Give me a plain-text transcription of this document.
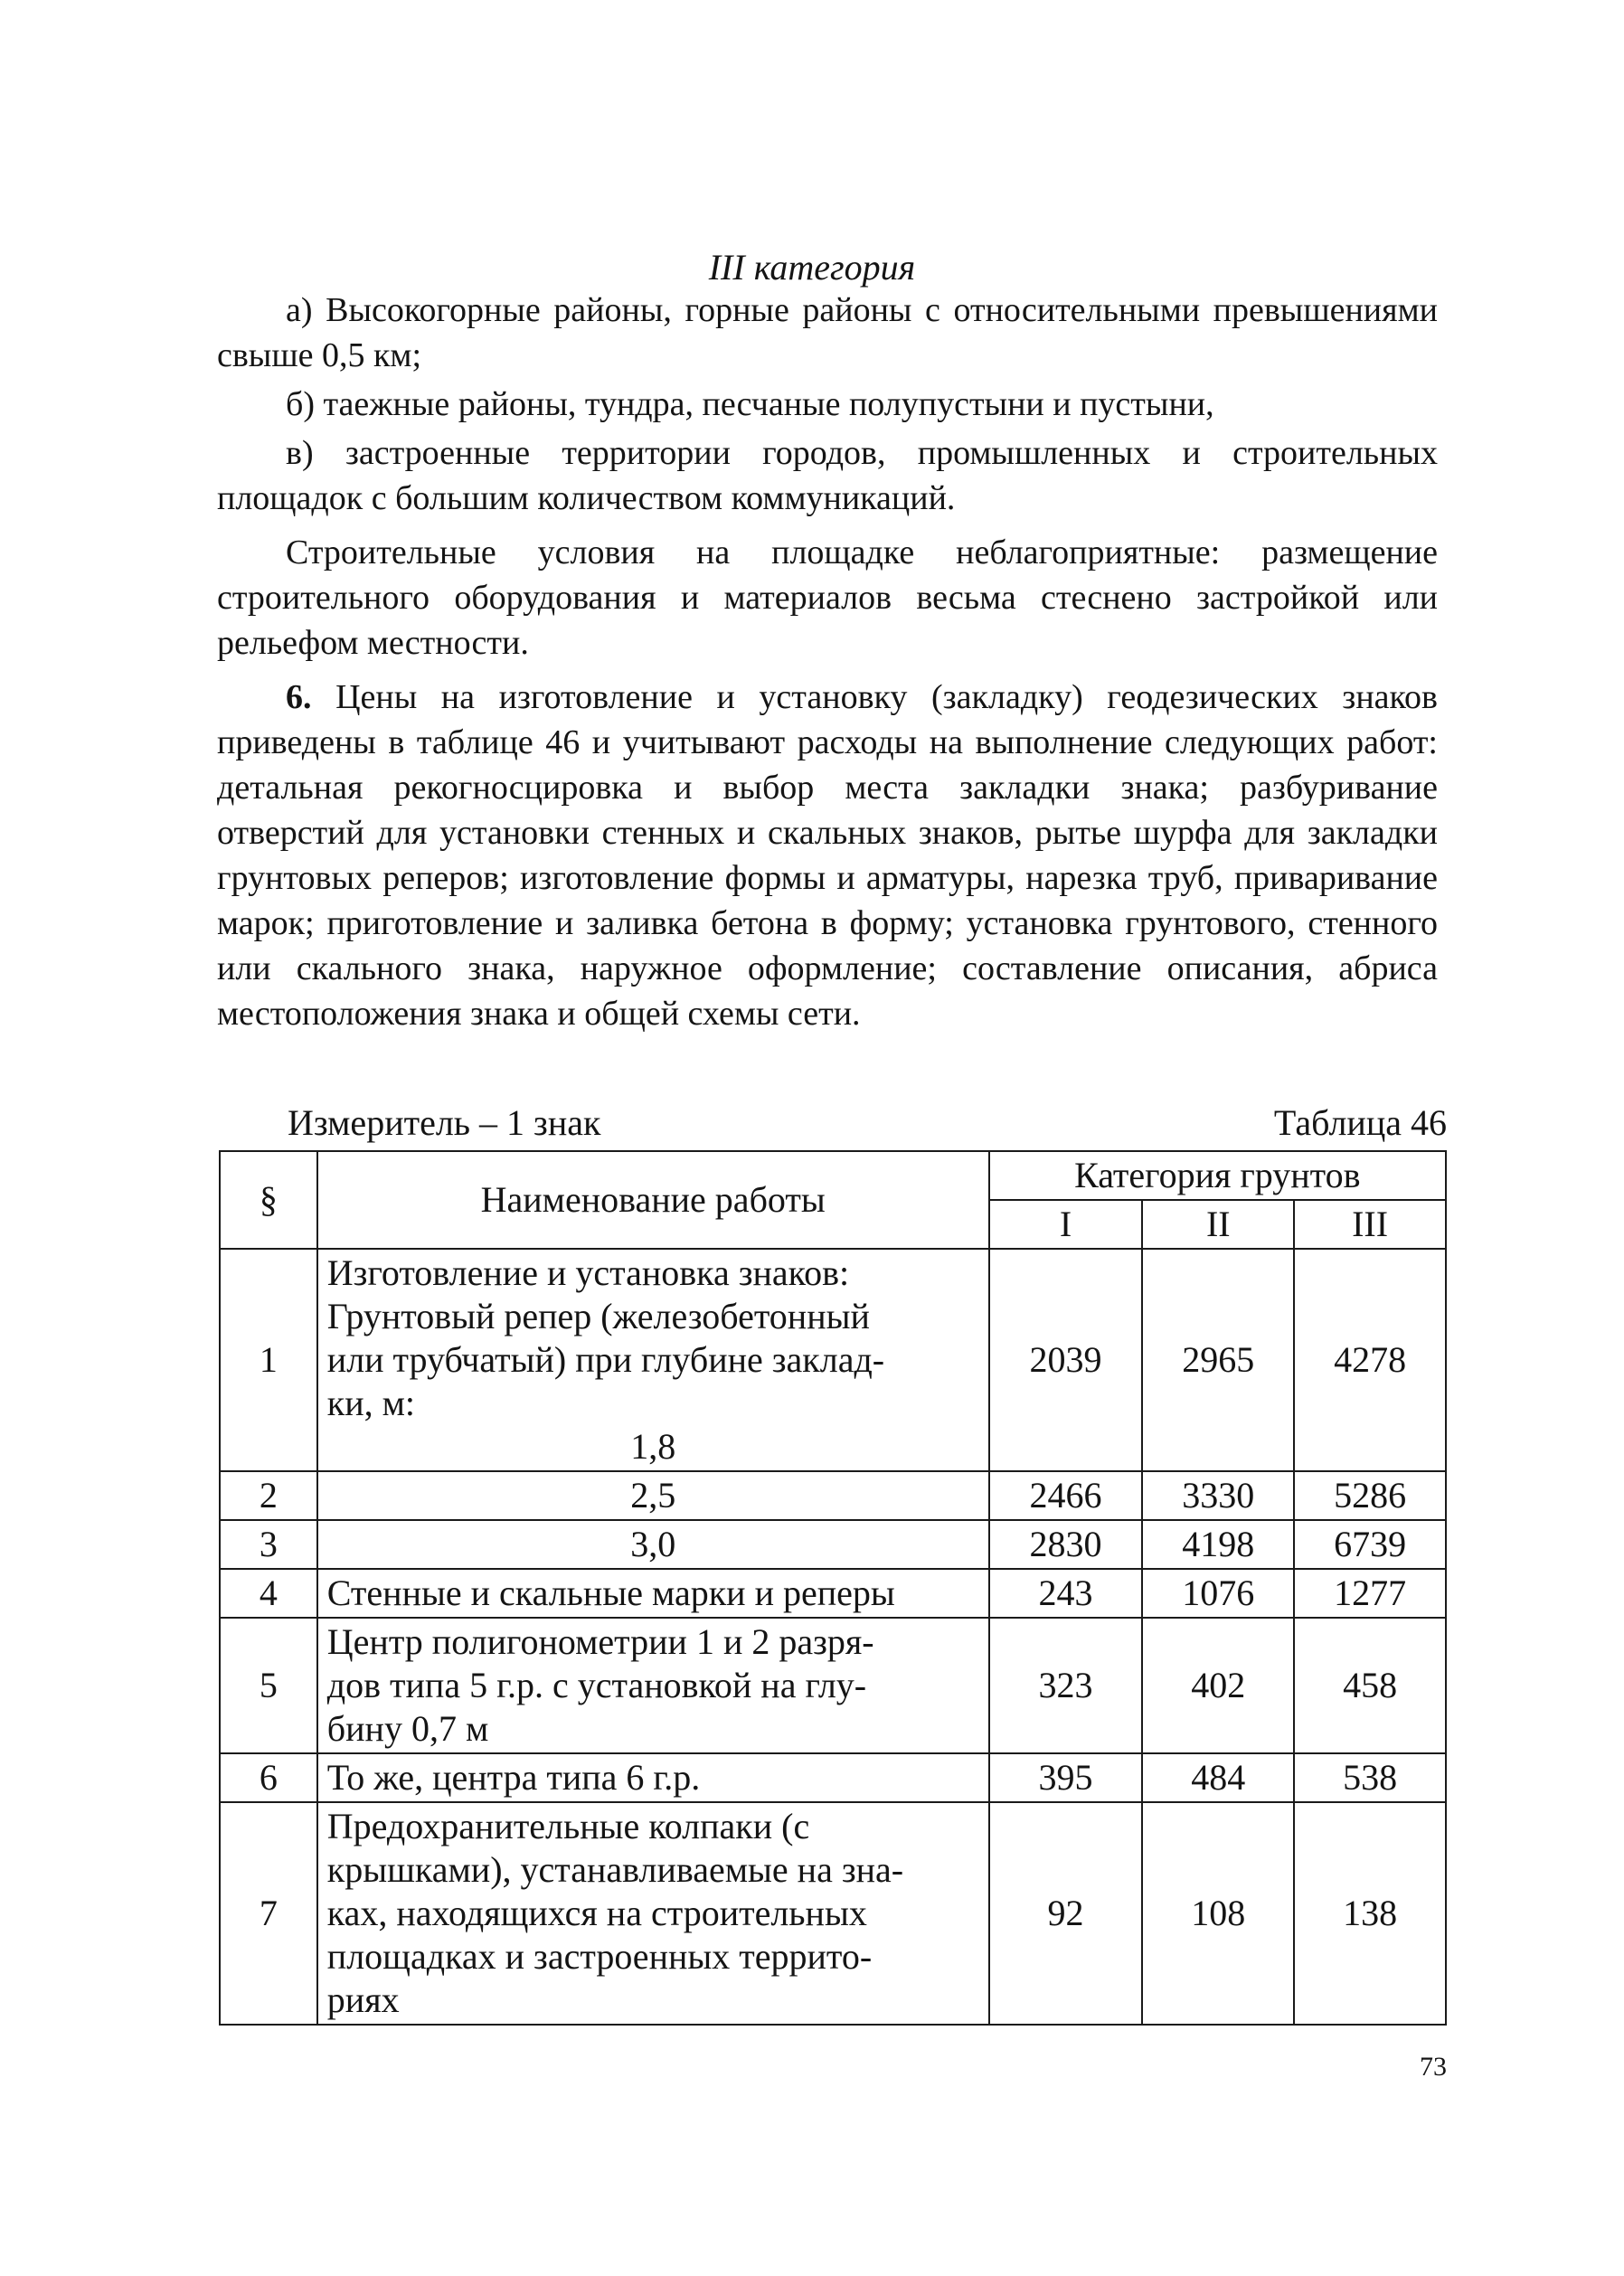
III категория

а) Высокогорные районы, горные районы с относительными превышениями свыше 0,5 км;

б) таежные районы, тундра, песчаные полупустыни и пустыни,

в) застроенные территории городов, промышленных и строительных площадок с большим количеством коммуникаций.

Строительные условия на площадке неблагоприятные: размещение строительного оборудования и материалов весьма стеснено застройкой или рельефом местности.

6. Цены на изготовление и установку (закладку) геодезических знаков приведены в таблице 46 и учитывают расходы на выполнение следующих работ: детальная рекогносцировка и выбор места закладки знака; разбуривание отверстий для установки стенных и скальных знаков, рытье шурфа для закладки грунтовых реперов; изготовление формы и арматуры, нарезка труб, приваривание марок; приготовление и заливка бетона в форму; установка грунтового, стенного или скального знака, наружное оформление; составление описания, абриса местоположения знака и общей схемы сети.

Измеритель – 1 знак	Таблица 46
§	Наименование работы	Категория грунтов		
		I	II	III
1	Изготовление и установка знаков:
Грунтовый репер (железобетонный
или трубчатый) при глубине заклад-
ки, м:
1,8	2039	2965	4278
2	2,5	2466	3330	5286
3	3,0	2830	4198	6739
4	Стенные и скальные марки и реперы	243	1076	1277
5	Центр полигонометрии 1 и 2 разря-
дов типа 5 г.р. с установкой на глу-
бину 0,7 м	323	402	458
6	То же, центра типа 6 г.р.	395	484	538
7	Предохранительные колпаки (с
крышками), устанавливаемые на зна-
ках, находящихся на строительных
площадках и застроенных террито-
риях	92	108	138
73
